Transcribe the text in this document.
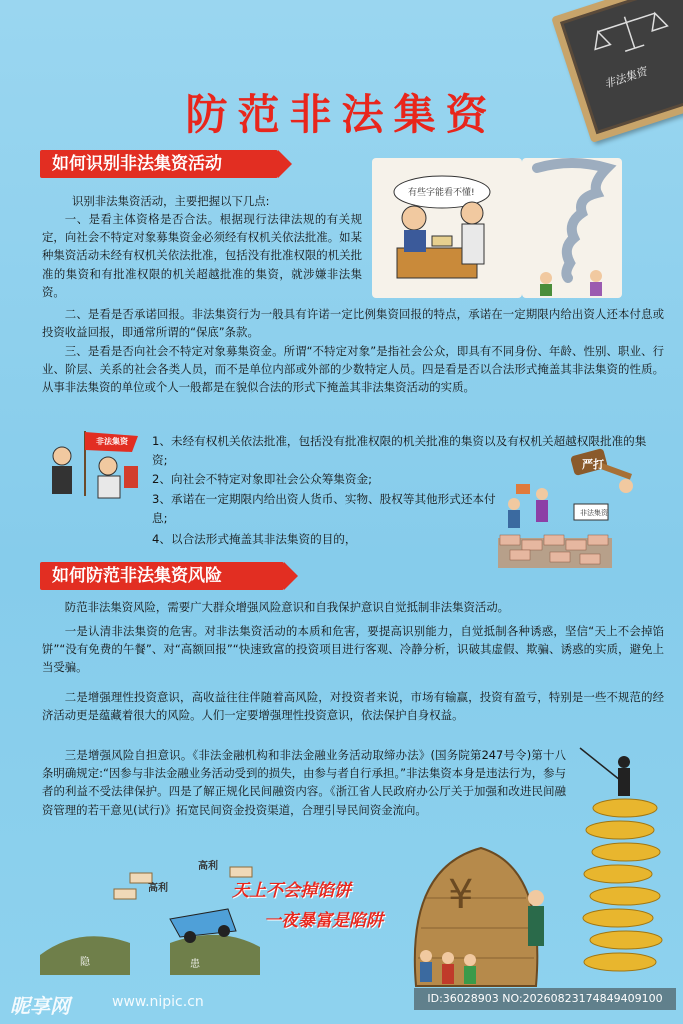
非法集资
防范非法集资
如何识别非法集资活动

识别非法集资活动，主要把握以下几点:

一、是看主体资格是否合法。根据现行法律法规的有关规定，向社会不特定对象募集资金必须经有权机关依法批准。如某种集资活动未经有权机关依法批准，包括没有批准权限的机关批准的集资和有批准权限的机关超越批准的集资，就涉嫌非法集资。

二、是看是否承诺回报。非法集资行为一般具有许诺一定比例集资回报的特点，承诺在一定期限内给出资人还本付息或投资收益回报，即通常所谓的“保底”条款。

三、是看是否向社会不特定对象募集资金。所谓“不特定对象”是指社会公众，即具有不同身份、年龄、性别、职业、行业、阶层、关系的社会各类人员，而不是单位内部或外部的少数特定人员。四是看是否以合法形式掩盖其非法集资的性质。从事非法集资的单位或个人一般都是在貌似合法的形式下掩盖其非法集资活动的实质。

有些字能看不懂!
非法集资 1、未经有权机关依法批准，包括没有批准权限的机关批准的集资以及有权机关超越权限批准的集资;

2、向社会不特定对象即社会公众筹集资金;

3、承诺在一定期限内给出资人货币、实物、股权等其他形式还本付息;

4、以合法形式掩盖其非法集资的目的，

严打
非法集资
如何防范非法集资风险

防范非法集资风险，需要广大群众增强风险意识和自我保护意识自觉抵制非法集资活动。

一是认清非法集资的危害。对非法集资活动的本质和危害，要提高识别能力，自觉抵制各种诱惑，坚信“天上不会掉馅饼”“没有免费的午餐”、对“高额回报”“快速致富的投资项目进行客观、冷静分析，识破其虚假、欺骗、诱惑的实质，避免上当受骗。

二是增强理性投资意识，高收益往往伴随着高风险，对投资者来说，市场有输赢，投资有盈亏，特别是一些不规范的经济活动更是蕴藏着很大的风险。人们一定要增强理性投资意识，依法保护自身权益。

三是增强风险自担意识。《非法金融机构和非法金融业务活动取缔办法》(国务院第247号令)第十八条明确规定:“因参与非法金融业务活动受到的损失，由参与者自行承担。”非法集资本身是违法行为，参与者的利益不受法律保护。四是了解正规化民间融资内容。《浙江省人民政府办公厅关于加强和改进民间融资管理的若干意见(试行)》拓宽民间资金投资渠道，合理引导民间资金流向。

高利
高利
隐	患
天上不会掉馅饼
一夜暴富是陷阱
¥
昵享网	www.nipic.cn	ID:36028903 NO:20260823174849409100
